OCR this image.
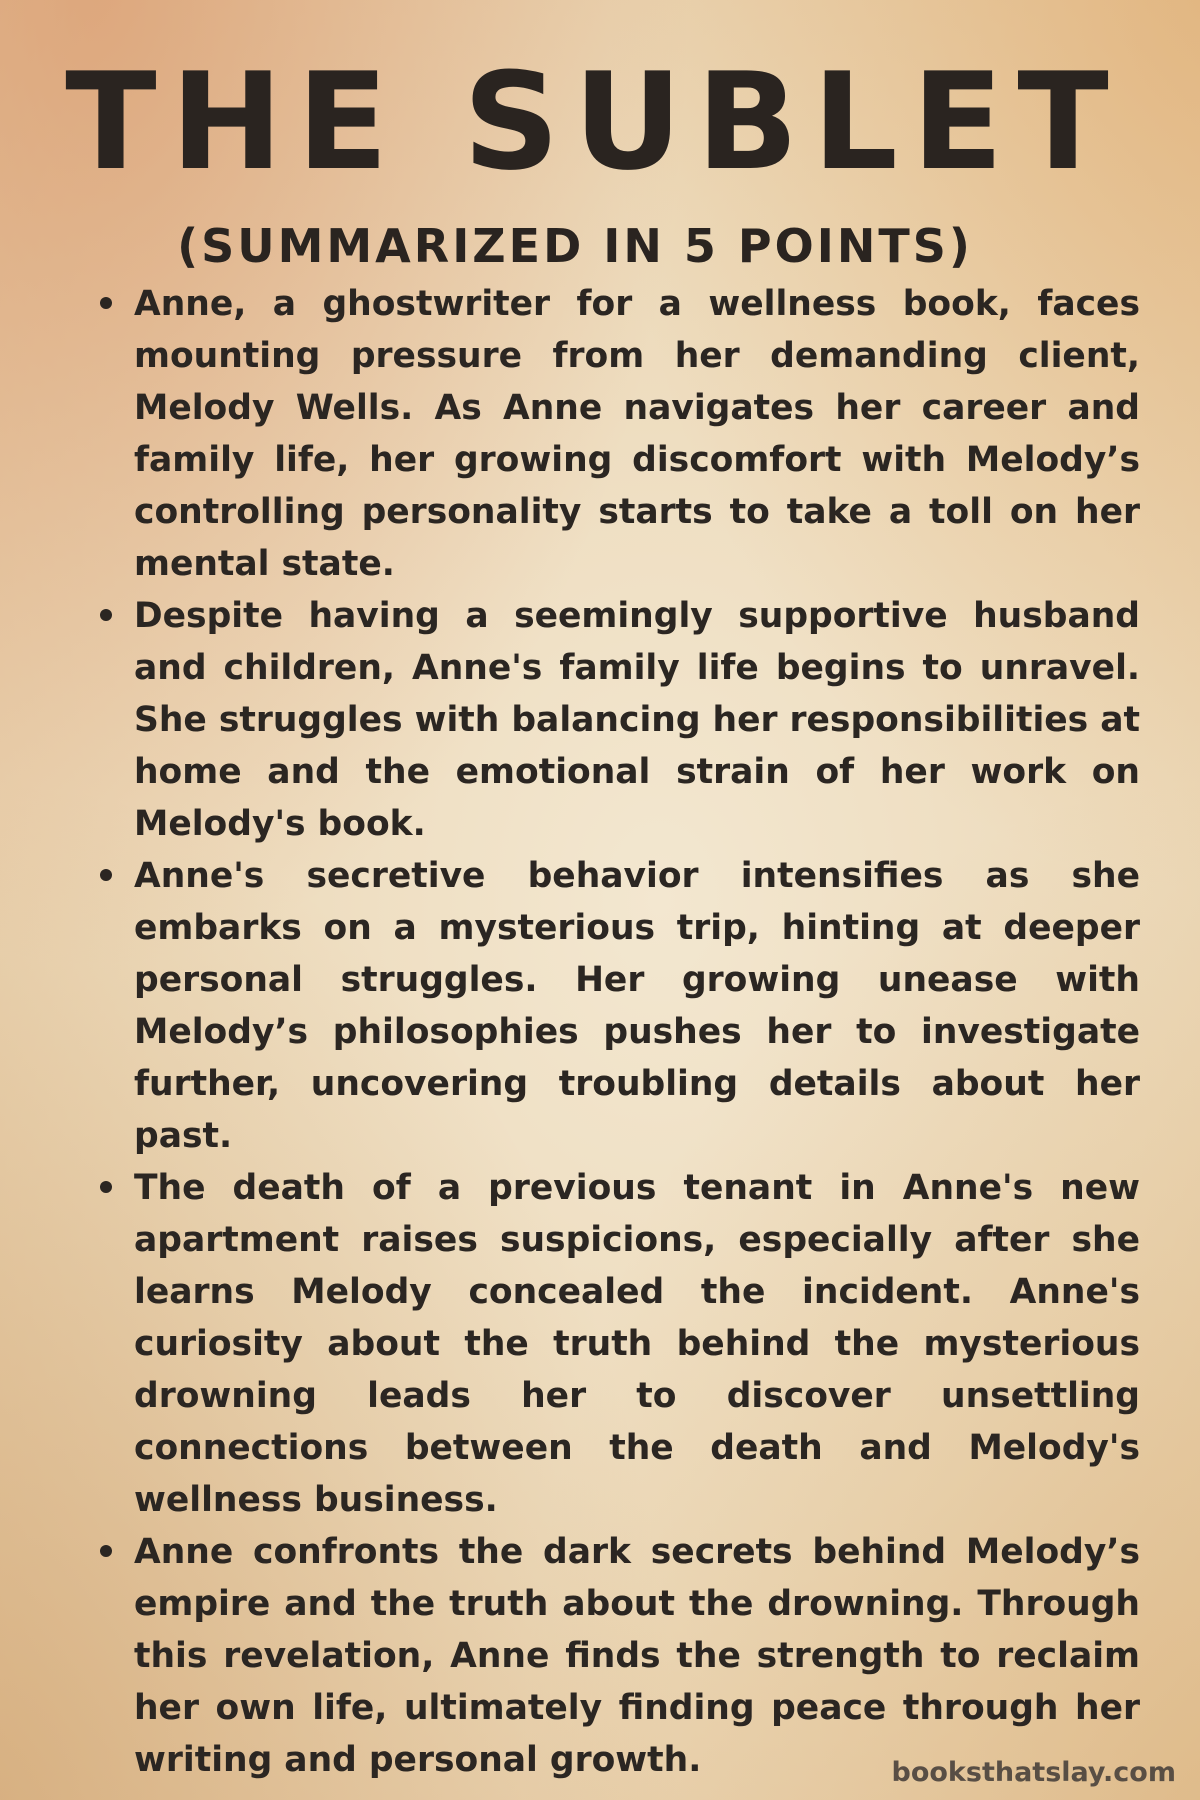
THE SUBLET
(SUMMARIZED IN 5 POINTS)
Anne, a ghostwriter for a wellness book, faces mounting pressure from her demanding client, Melody Wells. As Anne navigates her career and family life, her growing discomfort with Melody’s controlling personality starts to take a toll on her mental state.
Despite having a seemingly supportive husband and children, Anne's family life begins to unravel. She struggles with balancing her responsibilities at home and the emotional strain of her work on Melody's book.
Anne's secretive behavior intensifies as she embarks on a mysterious trip, hinting at deeper personal struggles. Her growing unease with Melody’s philosophies pushes her to investigate further, uncovering troubling details about her past.
The death of a previous tenant in Anne's new apartment raises suspicions, especially after she learns Melody concealed the incident. Anne's curiosity about the truth behind the mysterious drowning leads her to discover unsettling connections between the death and Melody's wellness business.
Anne confronts the dark secrets behind Melody’s empire and the truth about the drowning. Through this revelation, Anne finds the strength to reclaim her own life, ultimately finding peace through her writing and personal growth.	booksthatslay.com
